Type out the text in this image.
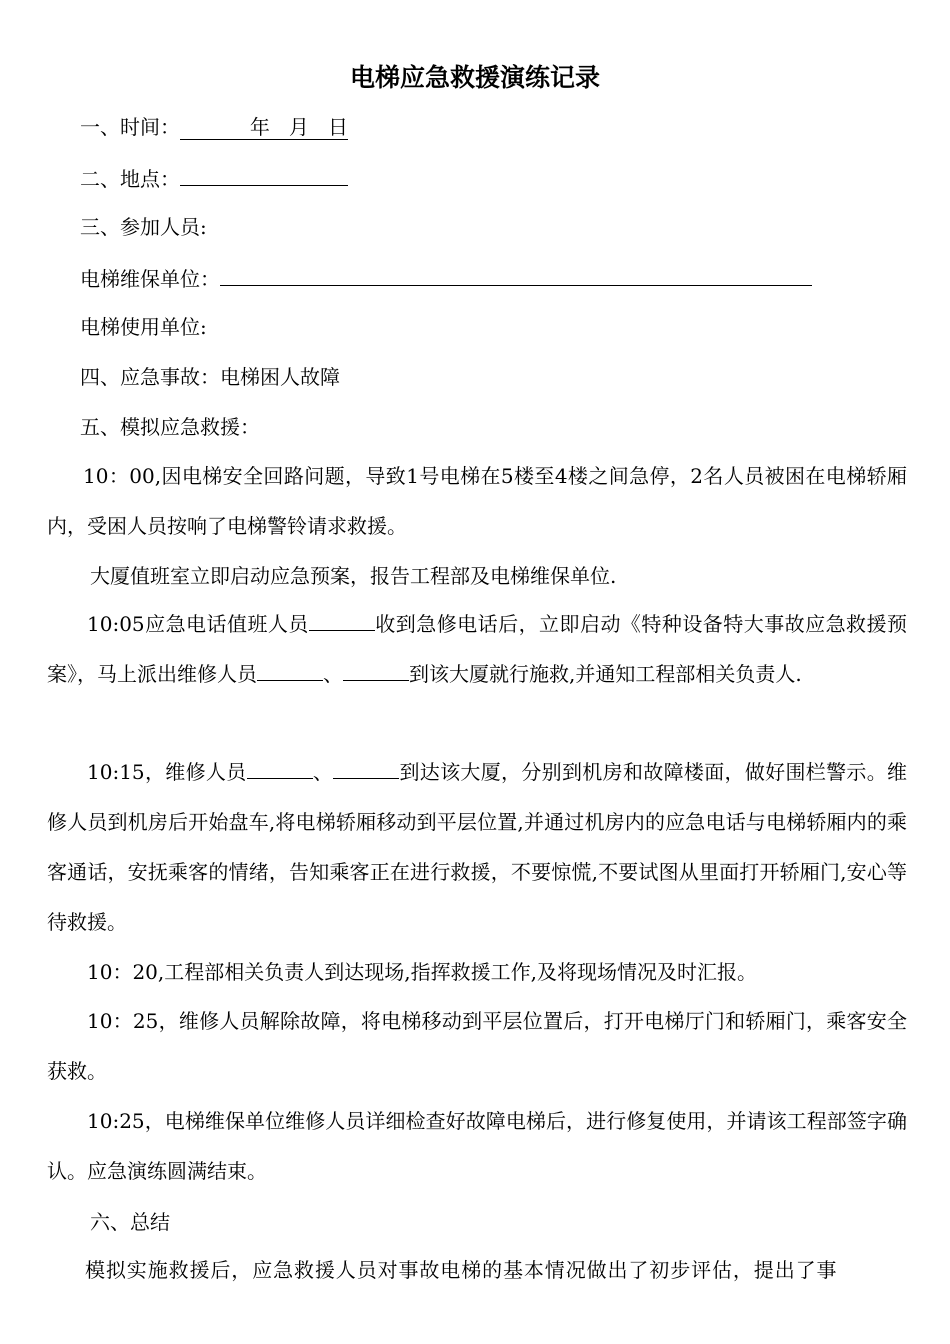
电梯应急救援演练记录
一、时间：	年   月   日
二、地点：
三、参加人员:
电梯维保单位：
电梯使用单位:
四、应急事故：电梯困人故障
五、模拟应急救援：
10：00,因电梯安全回路问题，导致1号电梯在5楼至4楼之间急停，2名人员被困在电梯轿厢内，受困人员按响了电梯警铃请求救援。
大厦值班室立即启动应急预案，报告工程部及电梯维保单位.
10:05应急电话值班人员	收到急修电话后，立即启动《特种设备特大事故应急救援预案》，马上派出维修人员	、	到该大厦就行施救,并通知工程部相关负责人.
10:15，维修人员	、	到达该大厦，分别到机房和故障楼面，做好围栏警示。维修人员到机房后开始盘车,将电梯轿厢移动到平层位置,并通过机房内的应急电话与电梯轿厢内的乘客通话，安抚乘客的情绪，告知乘客正在进行救援，不要惊慌,不要试图从里面打开轿厢门,安心等待救援。
10：20,工程部相关负责人到达现场,指挥救援工作,及将现场情况及时汇报。
10：25，维修人员解除故障，将电梯移动到平层位置后，打开电梯厅门和轿厢门，乘客安全获救。
10:25，电梯维保单位维修人员详细检查好故障电梯后，进行修复使用，并请该工程部签字确认。应急演练圆满结束。
六、总结
模拟实施救援后，应急救援人员对事故电梯的基本情况做出了初步评估，提出了事
